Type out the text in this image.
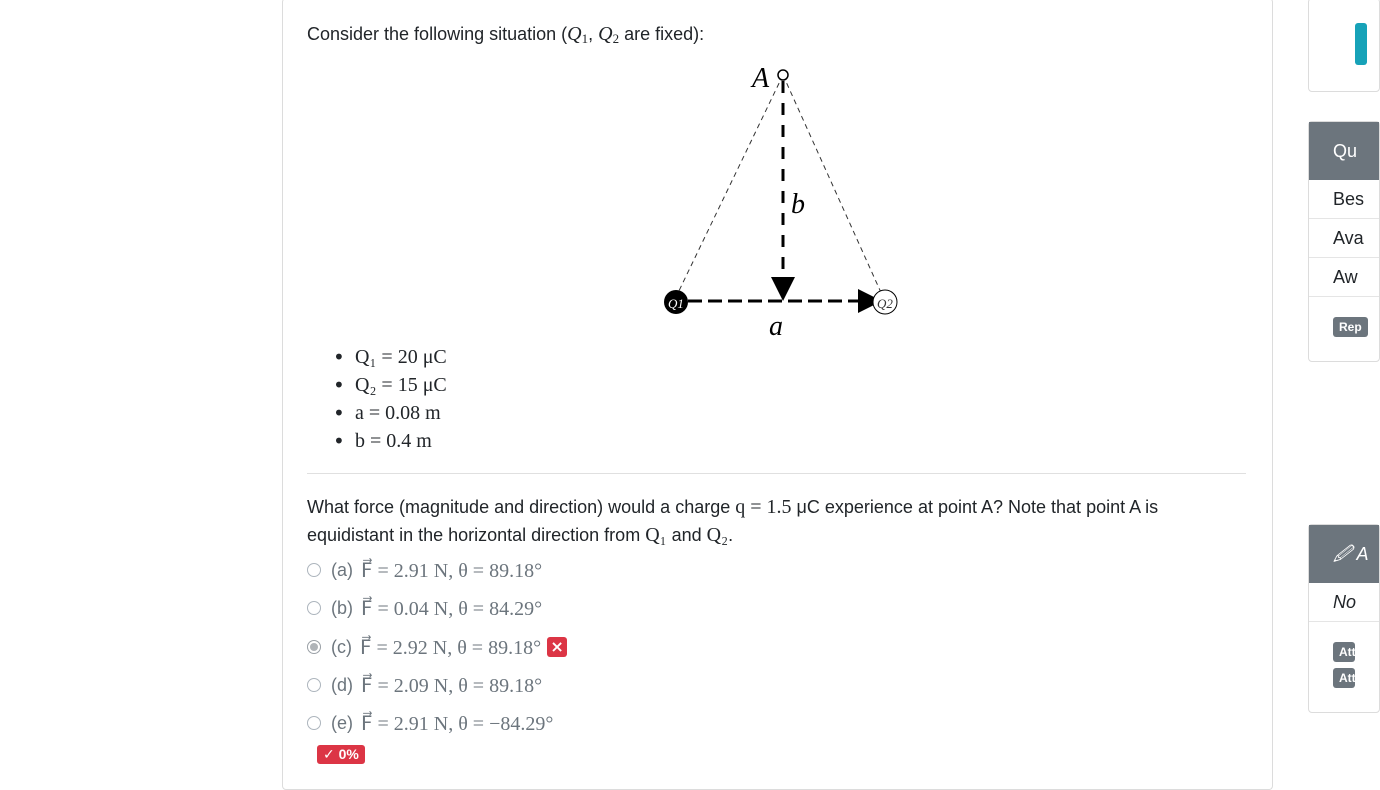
Consider the following situation ($Q_1$, $Q_2$ are fixed):
A
b
a
Q1	Q2
• Q₁ = 20 μC
• Q₂ = 15 μC
• a = 0.08 m
• b = 0.4 m
What force (magnitude and direction) would a charge q = 1.5 μC experience at point A? Note that point A is equidistant in the horizontal direction from Q₁ and Q₂.
(a) F⃗ = 2.91 N, θ = 89.18°
(b) F⃗ = 0.04 N, θ = 84.29°
(c) F⃗ = 2.92 N, θ = 89.18° ×
(d) F⃗ = 2.09 N, θ = 89.18°
(e) F⃗ = 2.91 N, θ = −84.29°
✓ 0%
Qu
Bes
Ava
Aw
Rep
🖉 A
No
Att
Att
